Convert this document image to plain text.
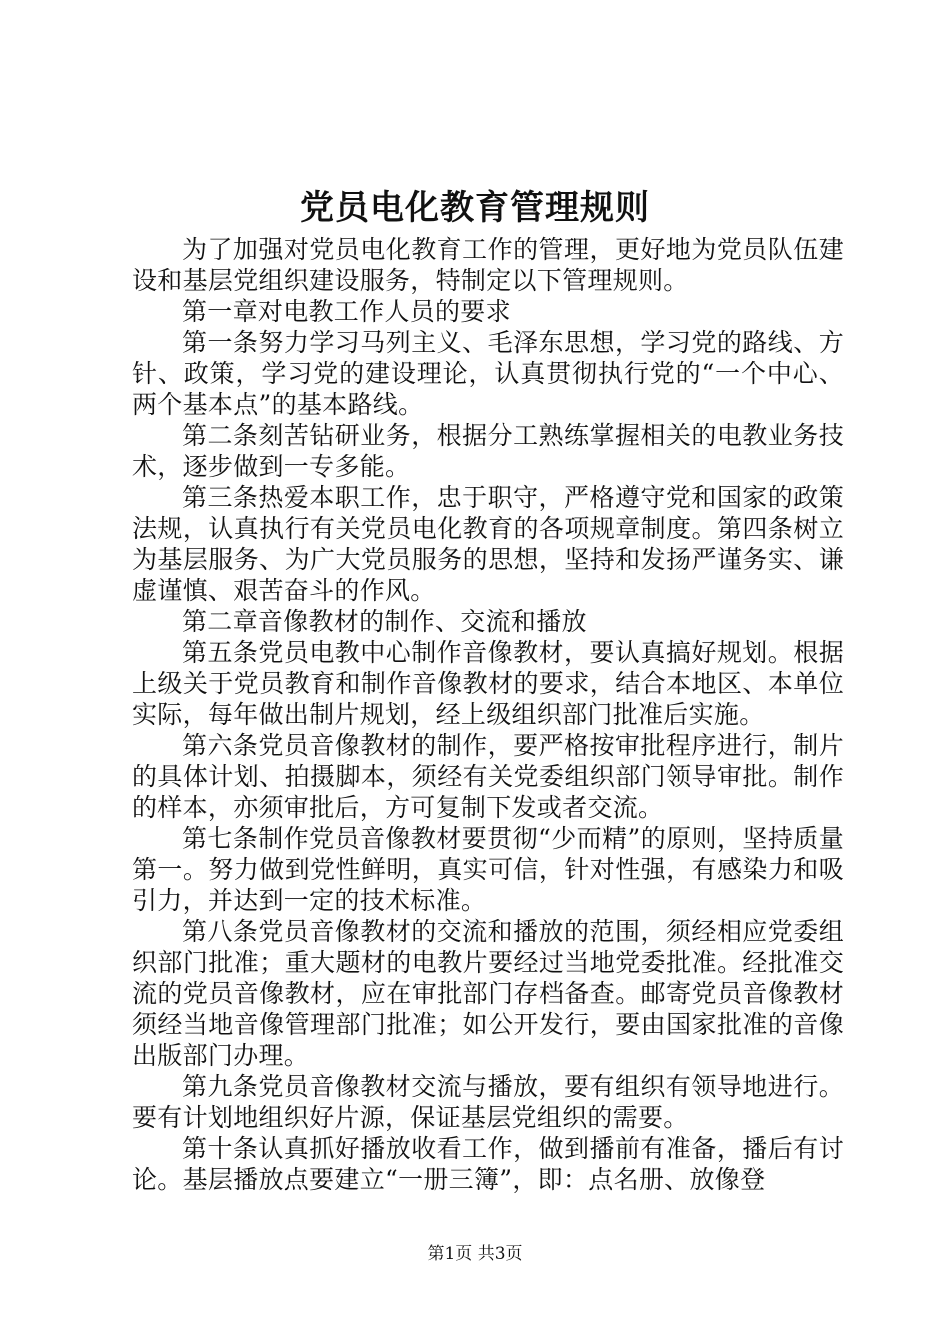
党员电化教育管理规则

为了加强对党员电化教育工作的管理，更好地为党员队伍建设和基层党组织建设服务，特制定以下管理规则。

第一章对电教工作人员的要求

第一条努力学习马列主义、毛泽东思想，学习党的路线、方针、政策，学习党的建设理论，认真贯彻执行党的“一个中心、两个基本点”的基本路线。

第二条刻苦钻研业务，根据分工熟练掌握相关的电教业务技术，逐步做到一专多能。

第三条热爱本职工作，忠于职守，严格遵守党和国家的政策法规，认真执行有关党员电化教育的各项规章制度。第四条树立为基层服务、为广大党员服务的思想，坚持和发扬严谨务实、谦虚谨慎、艰苦奋斗的作风。

第二章音像教材的制作、交流和播放

第五条党员电教中心制作音像教材，要认真搞好规划。根据上级关于党员教育和制作音像教材的要求，结合本地区、本单位实际，每年做出制片规划，经上级组织部门批准后实施。

第六条党员音像教材的制作，要严格按审批程序进行，制片的具体计划、拍摄脚本，须经有关党委组织部门领导审批。制作的样本，亦须审批后，方可复制下发或者交流。

第七条制作党员音像教材要贯彻“少而精”的原则，坚持质量第一。努力做到党性鲜明，真实可信，针对性强，有感染力和吸引力，并达到一定的技术标准。

第八条党员音像教材的交流和播放的范围，须经相应党委组织部门批准；重大题材的电教片要经过当地党委批准。经批准交流的党员音像教材，应在审批部门存档备查。邮寄党员音像教材须经当地音像管理部门批准；如公开发行，要由国家批准的音像出版部门办理。

第九条党员音像教材交流与播放，要有组织有领导地进行。要有计划地组织好片源，保证基层党组织的需要。

第十条认真抓好播放收看工作，做到播前有准备，播后有讨论。基层播放点要建立“一册三簿”，即：点名册、放像登

第1页 共3页
